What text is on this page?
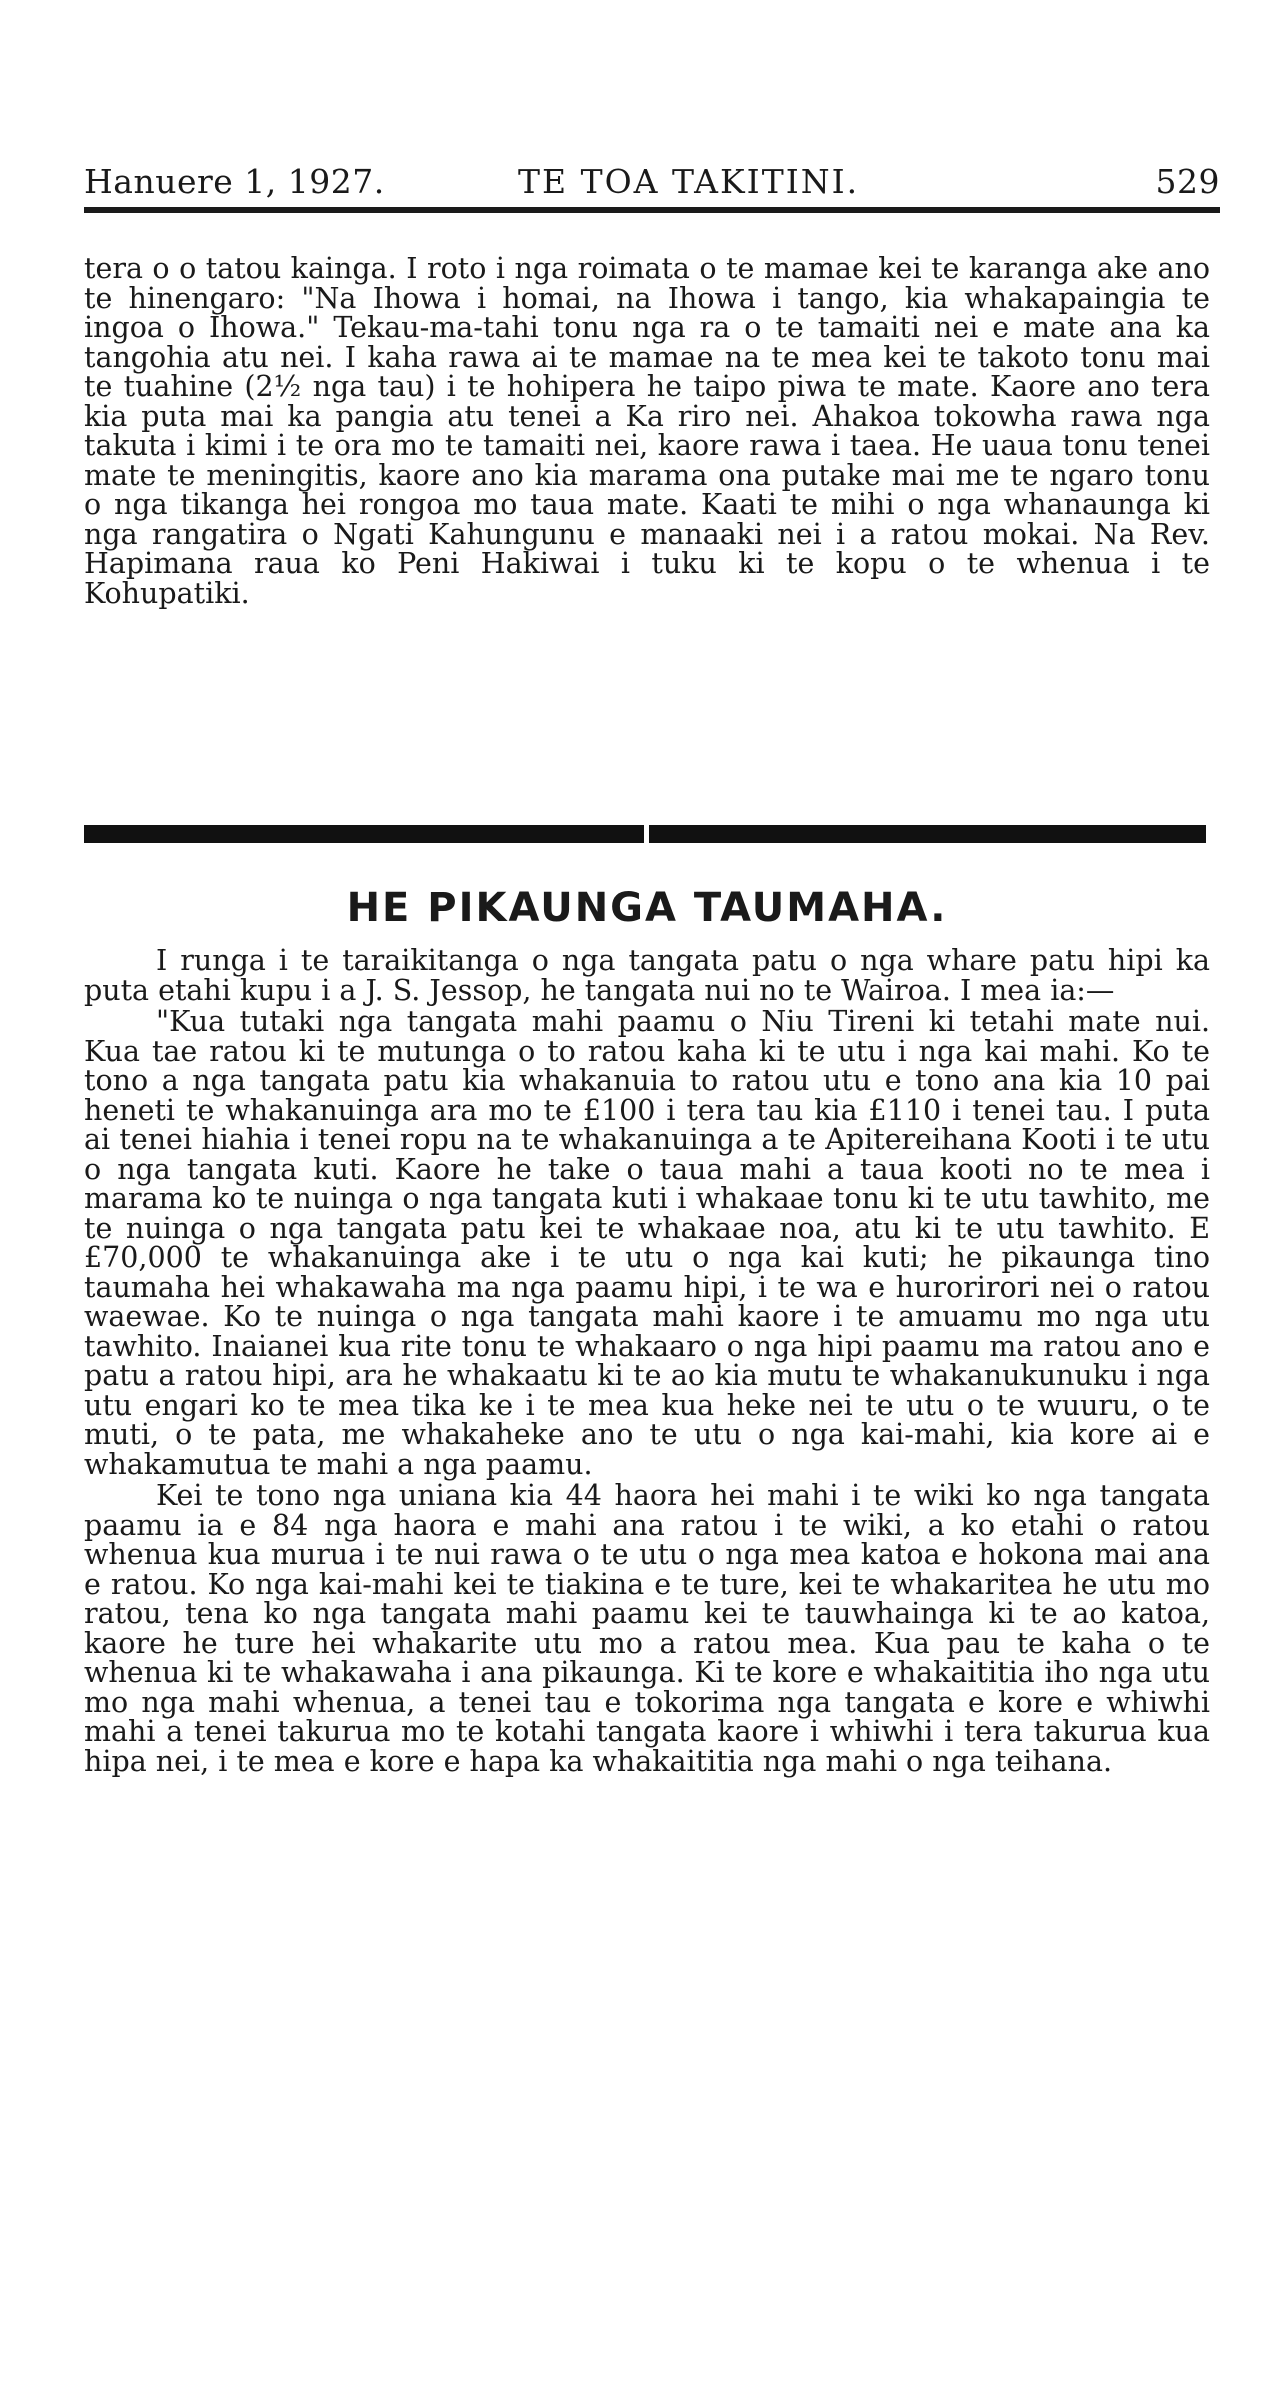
Hanuere 1, 1927.	TE TOA TAKITINI.	529

tera o o tatou kainga. I roto i nga roimata o te mamae kei te karanga ake ano te hinengaro: "Na Ihowa i homai, na Ihowa i tango, kia whakapaingia te ingoa o Ihowa." Tekau-ma-tahi tonu nga ra o te tamaiti nei e mate ana ka tangohia atu nei. I kaha rawa ai te mamae na te mea kei te takoto tonu mai te tuahine (2½ nga tau) i te hohipera he taipo piwa te mate. Kaore ano tera kia puta mai ka pangia atu tenei a Ka riro nei. Ahakoa tokowha rawa nga takuta i kimi i te ora mo te tamaiti nei, kaore rawa i taea. He uaua tonu tenei mate te meningitis, kaore ano kia marama ona putake mai me te ngaro tonu o nga tikanga hei rongoa mo taua mate. Kaati te mihi o nga whanaunga ki nga rangatira o Ngati Kahungunu e manaaki nei i a ratou mokai. Na Rev. Hapimana raua ko Peni Hakiwai i tuku ki te kopu o te whenua i te Kohupatiki.

HE PIKAUNGA TAUMAHA.

I runga i te taraikitanga o nga tangata patu o nga whare patu hipi ka puta etahi kupu i a J. S. Jessop, he tangata nui no te Wairoa. I mea ia:—

"Kua tutaki nga tangata mahi paamu o Niu Tireni ki tetahi mate nui. Kua tae ratou ki te mutunga o to ratou kaha ki te utu i nga kai mahi. Ko te tono a nga tangata patu kia whakanuia to ratou utu e tono ana kia 10 pai heneti te whakanuinga ara mo te £100 i tera tau kia £110 i tenei tau. I puta ai tenei hiahia i tenei ropu na te whakanuinga a te Apitereihana Kooti i te utu o nga tangata kuti. Kaore he take o taua mahi a taua kooti no te mea i marama ko te nuinga o nga tangata kuti i whakaae tonu ki te utu tawhito, me te nuinga o nga tangata patu kei te whakaae noa, atu ki te utu tawhito. E £70,000 te whakanuinga ake i te utu o nga kai kuti; he pikaunga tino taumaha hei whakawaha ma nga paamu hipi, i te wa e hurorirori nei o ratou waewae. Ko te nuinga o nga tangata mahi kaore i te amuamu mo nga utu tawhito. Inaianei kua rite tonu te whakaaro o nga hipi paamu ma ratou ano e patu a ratou hipi, ara he whakaatu ki te ao kia mutu te whakanukunuku i nga utu engari ko te mea tika ke i te mea kua heke nei te utu o te wuuru, o te muti, o te pata, me whakaheke ano te utu o nga kai-mahi, kia kore ai e whakamutua te mahi a nga paamu.

Kei te tono nga uniana kia 44 haora hei mahi i te wiki ko nga tangata paamu ia e 84 nga haora e mahi ana ratou i te wiki, a ko etahi o ratou whenua kua murua i te nui rawa o te utu o nga mea katoa e hokona mai ana e ratou. Ko nga kai-mahi kei te tiakina e te ture, kei te whakaritea he utu mo ratou, tena ko nga tangata mahi paamu kei te tauwhainga ki te ao katoa, kaore he ture hei whakarite utu mo a ratou mea. Kua pau te kaha o te whenua ki te whakawaha i ana pikaunga. Ki te kore e whakaititia iho nga utu mo nga mahi whenua, a tenei tau e tokorima nga tangata e kore e whiwhi mahi a tenei takurua mo te kotahi tangata kaore i whiwhi i tera takurua kua hipa nei, i te mea e kore e hapa ka whakaititia nga mahi o nga teihana.
